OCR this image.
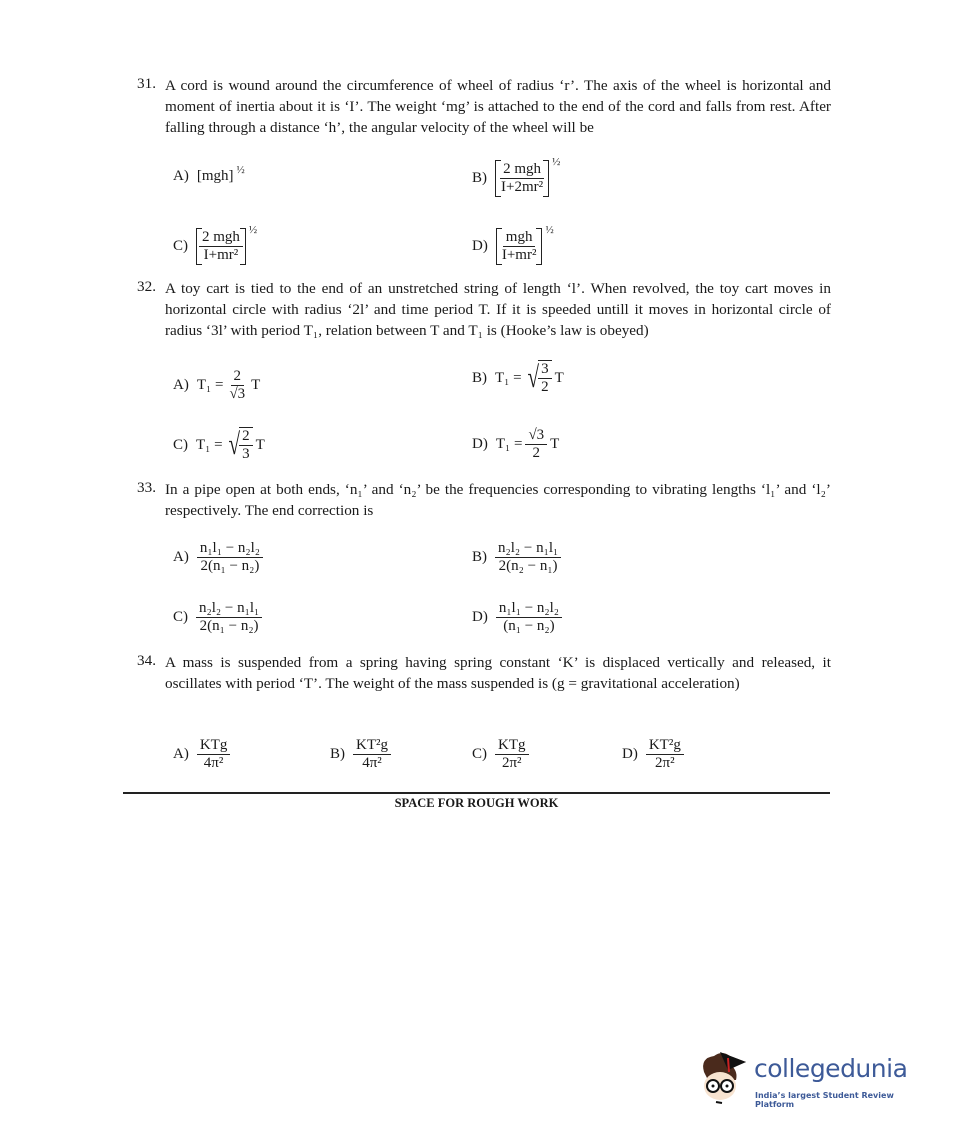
31. A cord is wound around the circumference of wheel of radius ‘r’. The axis of the wheel is horizontal and moment of inertia about it is ‘I’. The weight ‘mg’ is attached to the end of the cord and falls from rest. After falling through a distance ‘h’, the angular velocity of the wheel will be
32. A toy cart is tied to the end of an unstretched string of length ‘l’. When revolved, the toy cart moves in horizontal circle with radius ‘2l’ and time period T. If it is speeded untill it moves in horizontal circle of radius ‘3l’ with period T₁, relation between T and T₁ is (Hooke’s law is obeyed)
33. In a pipe open at both ends, ‘n₁’ and ‘n₂’ be the frequencies corresponding to vibrating lengths ‘l₁’ and ‘l₂’ respectively. The end correction is
34. A mass is suspended from a spring having spring constant ‘K’ is displaced vertically and released, it oscillates with period ‘T’. The weight of the mass suspended is (g = gravitational acceleration)
A) [mgh] ½	$B) \frac{\text{2 mgh}}{\text{I+2mr²}}$ ½
$C) \frac{\text{2 mgh}}{\text{I+mr²}}$ ½
$D) \frac{\text{mgh}}{\text{I+mr²}}$ ½
A) $T_1 = \frac{2}{√3}$ T	B) T₁ = √ $\frac{3}{2}$ T
C) T₁ = √ $\frac{2}{3}$ T	D) $T_1 = \frac{√3}{2}$ T
$A) \frac{\text{n₁l₁ − n₂l₂}}{\text{2(n₁ − n₂)}}$	$B) \frac{\text{n₂l₂ − n₁l₁}}{\text{2(n₂ − n₁)}}$
$C) \frac{\text{n₂l₂ − n₁l₁}}{\text{2(n₁ − n₂)}}$	$D) \frac{\text{n₁l₁ − n₂l₂}}{\text{(n₁ − n₂)}}$
$A) \frac{\text{KTg}}{\text{4π²}}$	$B) \frac{\text{KT²g}}{\text{4π²}}$	$C) \frac{\text{KTg}}{\text{2π²}}$	$D) \frac{\text{KT²g}}{\text{2π²}}$
SPACE FOR ROUGH WORK
collegedunia
India’s largest Student Review Platform
